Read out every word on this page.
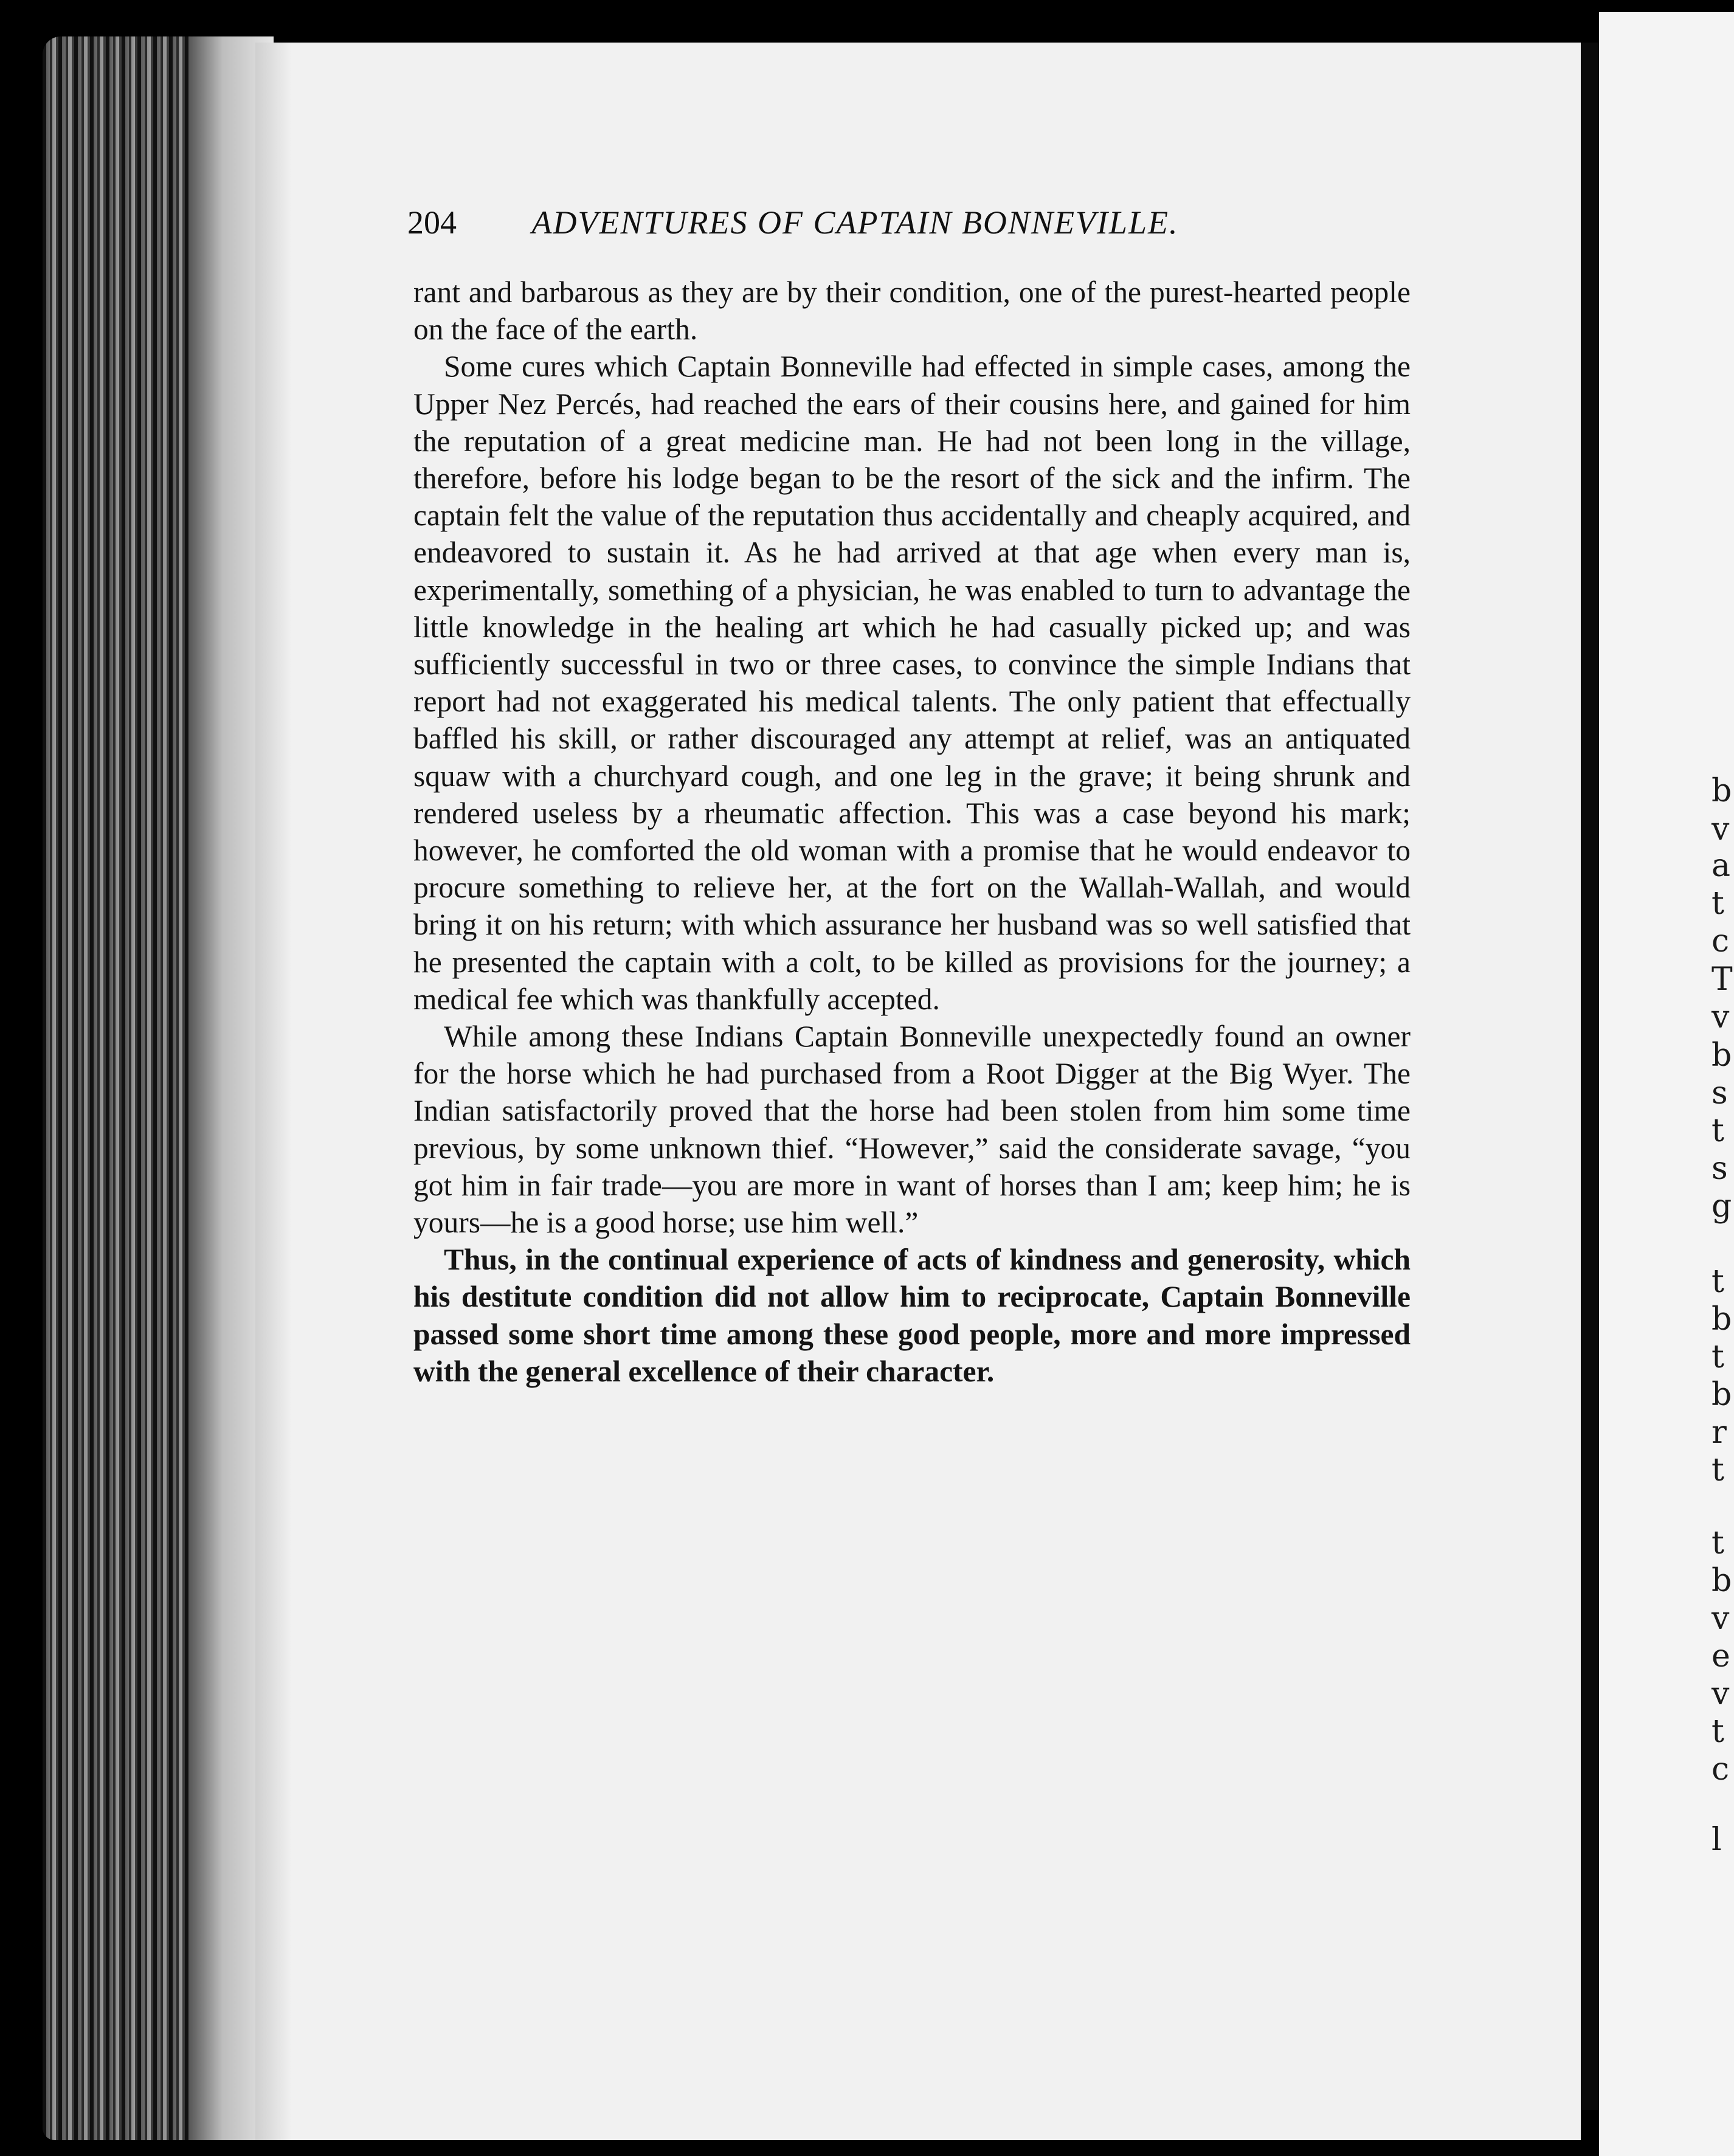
b
v
a
t
c
T
v
b
s
t
s
g
t
b
t
b
r
t
t
b
v
e
v
t
c
l
204 ADVENTURES OF CAPTAIN BONNEVILLE.

rant and barbarous as they are by their condition, one of the purest-hearted people on the face of the earth.

Some cures which Captain Bonneville had effected in simple cases, among the Upper Nez Percés, had reached the ears of their cousins here, and gained for him the reputation of a great medicine man. He had not been long in the village, therefore, before his lodge began to be the resort of the sick and the infirm. The captain felt the value of the reputation thus accidentally and cheaply acquired, and endeavored to sustain it. As he had arrived at that age when every man is, experimentally, something of a physician, he was enabled to turn to advantage the little knowledge in the healing art which he had casually picked up; and was sufficiently successful in two or three cases, to convince the simple Indians that report had not exaggerated his medical talents. The only patient that effectually baffled his skill, or rather discouraged any attempt at relief, was an antiquated squaw with a churchyard cough, and one leg in the grave; it being shrunk and rendered useless by a rheumatic affection. This was a case beyond his mark; however, he comforted the old woman with a promise that he would endeavor to procure something to relieve her, at the fort on the Wallah-Wallah, and would bring it on his return; with which assurance her husband was so well satisfied that he presented the captain with a colt, to be killed as provisions for the journey; a medical fee which was thankfully accepted.

While among these Indians Captain Bonneville unexpectedly found an owner for the horse which he had purchased from a Root Digger at the Big Wyer. The Indian satisfactorily proved that the horse had been stolen from him some time previous, by some unknown thief. “However,” said the considerate savage, “you got him in fair trade—you are more in want of horses than I am; keep him; he is yours—he is a good horse; use him well.”

Thus, in the continual experience of acts of kindness and generosity, which his destitute condition did not allow him to reciprocate, Captain Bonneville passed some short time among these good people, more and more impressed with the general excellence of their character.
